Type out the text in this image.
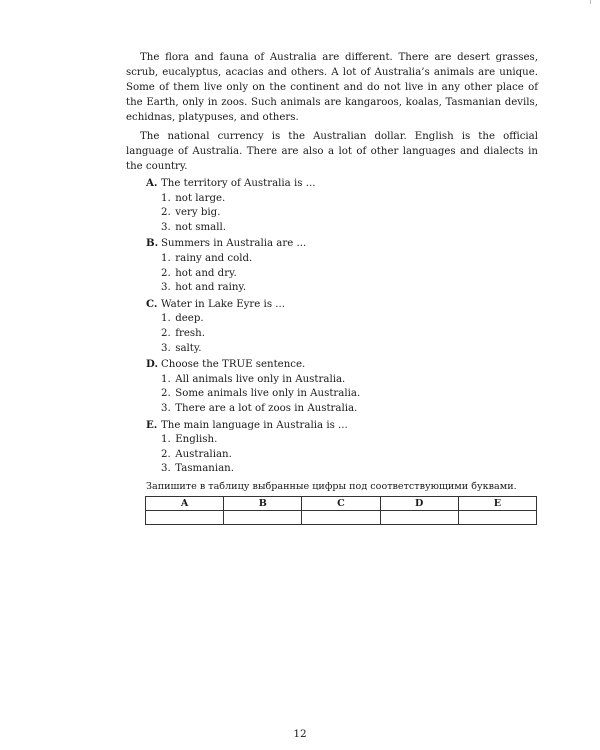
The flora and fauna of Australia are different. There are desert grasses, scrub, eucalyptus, acacias and others. A lot of Australia’s animals are unique. Some of them live only on the continent and do not live in any other place of the Earth, only in zoos. Such animals are kangaroos, koalas, Tasmanian devils, echidnas, platypuses, and others.

The national currency is the Australian dollar. English is the official language of Australia. There are also a lot of other languages and dialects in the country.

A. The territory of Australia is ...
1. not large.
2. very big.
3. not small.
B. Summers in Australia are ...
1. rainy and cold.
2. hot and dry.
3. hot and rainy.
C. Water in Lake Eyre is ...
1. deep.
2. fresh.
3. salty.
D. Choose the TRUE sentence.
1. All animals live only in Australia.
2. Some animals live only in Australia.
3. There are a lot of zoos in Australia.
E. The main language in Australia is ...
1. English.
2. Australian.
3. Tasmanian.
Запишите в таблицу выбранные цифры под соответствующими буквами.
A	B	C	D	E

12
